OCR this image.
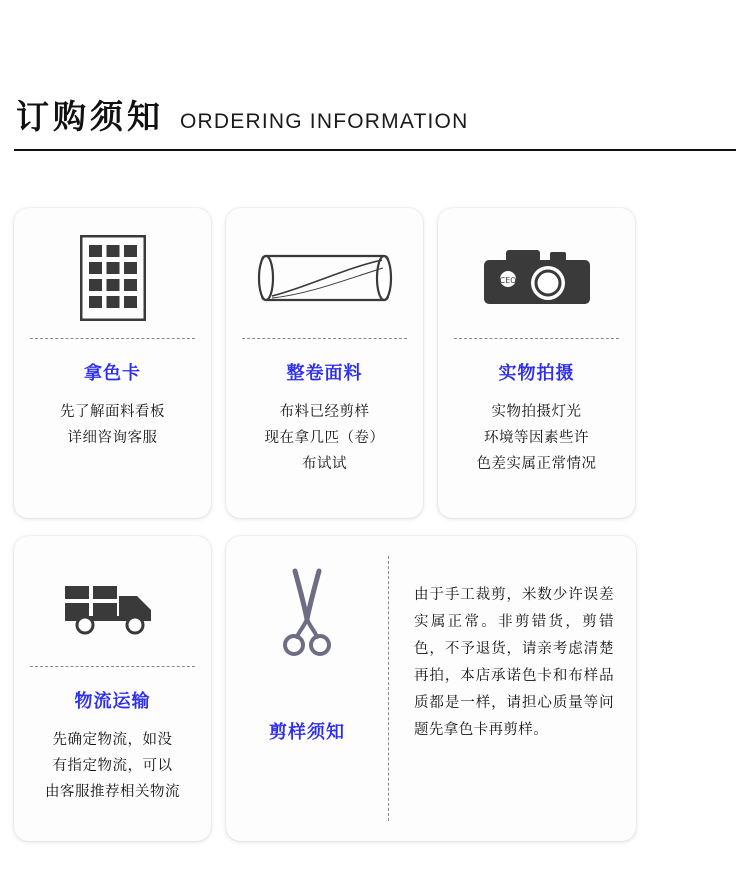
订购须知 ORDERING INFORMATION
拿色卡
先了解面料看板
详细咨询客服
整卷面料
布料已经剪样
现在拿几匹（卷）
布试试
CEO
实物拍摄
实物拍摄灯光
环境等因素些许
色差实属正常情况
物流运输
先确定物流，如没
有指定物流，可以
由客服推荐相关物流
剪样须知

由于手工裁剪，米数少许误差实属正常。非剪错货，剪错色，不予退货，请亲考虑清楚再拍，本店承诺色卡和布样品质都是一样，请担心质量等问题先拿色卡再剪样。
